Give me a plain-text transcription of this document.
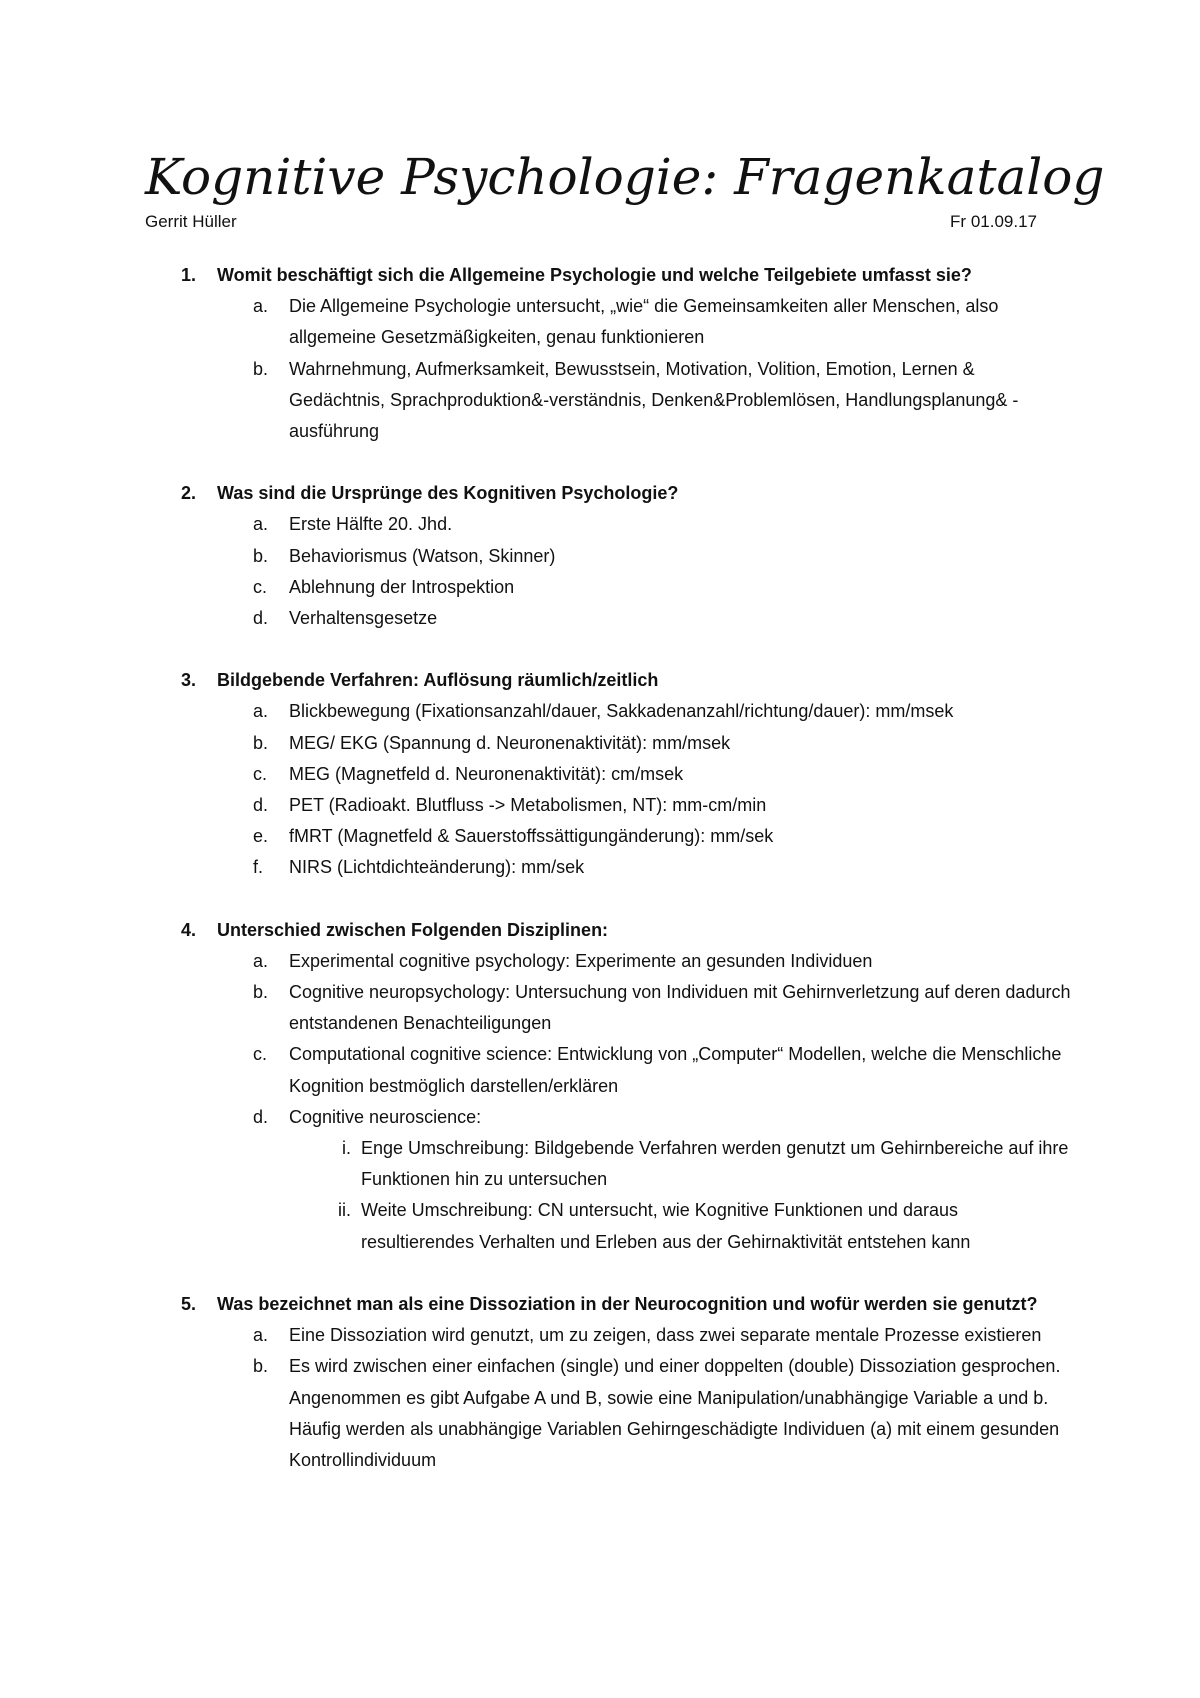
Kognitive Psychologie: Fragenkatalog
Gerrit Hüller	Fr 01.09.17
1.	Womit beschäftigt sich die Allgemeine Psychologie und welche Teilgebiete umfasst sie?
a.	Die Allgemeine Psychologie untersucht, „wie“ die Gemeinsamkeiten aller Menschen, also allgemeine Gesetzmäßigkeiten, genau funktionieren
b.	Wahrnehmung, Aufmerksamkeit, Bewusstsein, Motivation, Volition, Emotion, Lernen & Gedächtnis, Sprachproduktion&-verständnis, Denken&Problemlösen, Handlungsplanung& -ausführung
2.	Was sind die Ursprünge des Kognitiven Psychologie?
a.	Erste Hälfte 20. Jhd.
b.	Behaviorismus (Watson, Skinner)
c.	Ablehnung der Introspektion
d.	Verhaltensgesetze
3.	Bildgebende Verfahren: Auflösung räumlich/zeitlich
a.	Blickbewegung (Fixationsanzahl/dauer, Sakkadenanzahl/richtung/dauer): mm/msek
b.	MEG/ EKG (Spannung d. Neuronenaktivität): mm/msek
c.	MEG (Magnetfeld d. Neuronenaktivität): cm/msek
d.	PET (Radioakt. Blutfluss -> Metabolismen, NT): mm-cm/min
e.	fMRT (Magnetfeld & Sauerstoffssättigungänderung): mm/sek
f.	NIRS (Lichtdichteänderung): mm/sek
4.	Unterschied zwischen Folgenden Disziplinen:
a.	Experimental cognitive psychology: Experimente an gesunden Individuen
b.	Cognitive neuropsychology: Untersuchung von Individuen mit Gehirnverletzung auf deren dadurch entstandenen Benachteiligungen
c.	Computational cognitive science: Entwicklung von „Computer“ Modellen, welche die Menschliche Kognition bestmöglich darstellen/erklären
d.	Cognitive neuroscience:
i. Enge Umschreibung: Bildgebende Verfahren werden genutzt um Gehirnbereiche auf ihre Funktionen hin zu untersuchen
ii. Weite Umschreibung: CN untersucht, wie Kognitive Funktionen und daraus resultierendes Verhalten und Erleben aus der Gehirnaktivität entstehen kann
5.	Was bezeichnet man als eine Dissoziation in der Neurocognition und wofür werden sie genutzt?
a.	Eine Dissoziation wird genutzt, um zu zeigen, dass zwei separate mentale Prozesse existieren
b.	Es wird zwischen einer einfachen (single) und einer doppelten (double) Dissoziation gesprochen. Angenommen es gibt Aufgabe A und B, sowie eine Manipulation/unabhängige Variable a und b. Häufig werden als unabhängige Variablen Gehirngeschädigte Individuen (a) mit einem gesunden Kontrollindividuum
